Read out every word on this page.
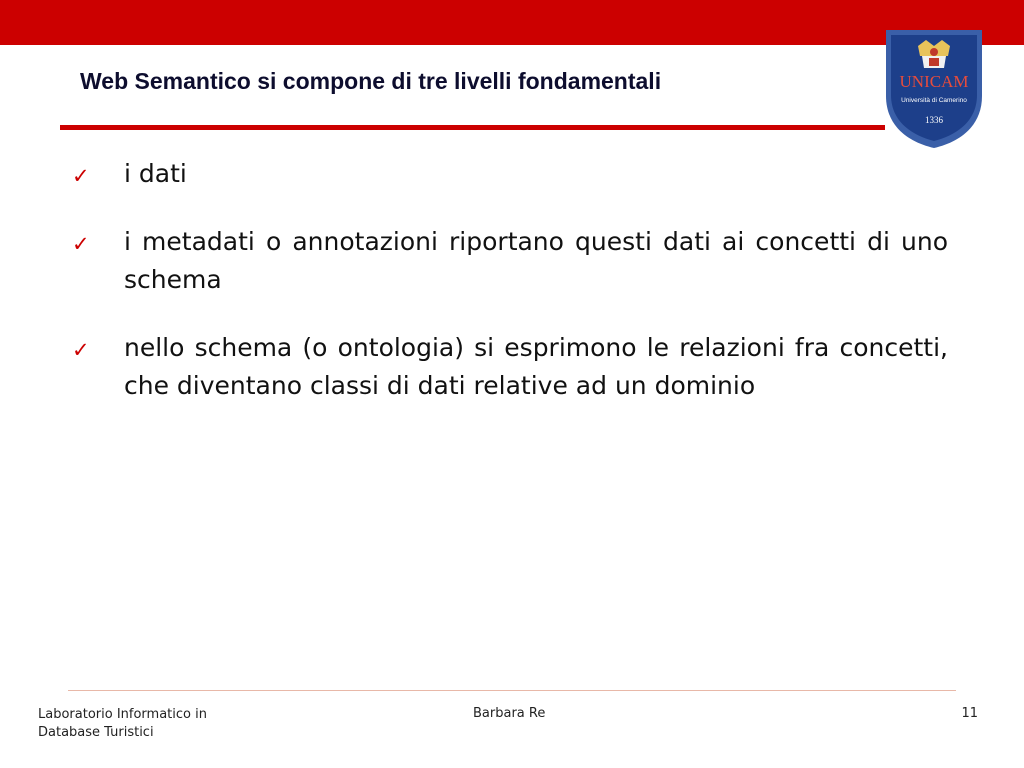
Web Semantico si compone di tre livelli fondamentali	UNICAM
Università di Camerino
1336
✓ i dati
✓ i metadati o annotazioni riportano questi dati ai concetti di uno schema
✓ nello schema (o ontologia) si esprimono le relazioni fra concetti, che diventano classi di dati relative ad un dominio
Laboratorio Informatico in
Database Turistici
Barbara Re	11
